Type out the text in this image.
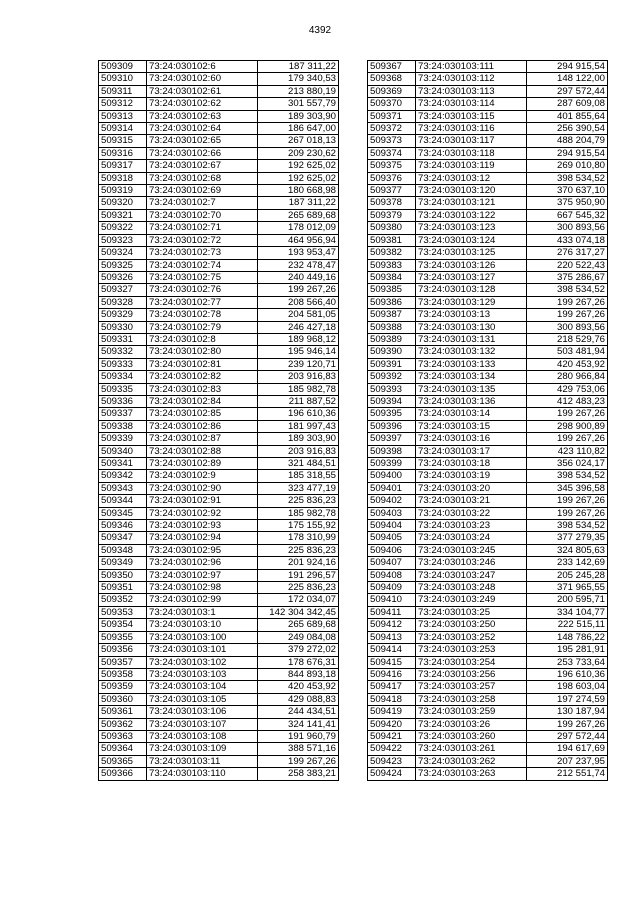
4392
509309	73:24:030102:6	187 311,22
509310	73:24:030102:60	179 340,53
509311	73:24:030102:61	213 880,19
509312	73:24:030102:62	301 557,79
509313	73:24:030102:63	189 303,90
509314	73:24:030102:64	186 647,00
509315	73:24:030102:65	267 018,13
509316	73:24:030102:66	209 230,62
509317	73:24:030102:67	192 625,02
509318	73:24:030102:68	192 625,02
509319	73:24:030102:69	180 668,98
509320	73:24:030102:7	187 311,22
509321	73:24:030102:70	265 689,68
509322	73:24:030102:71	178 012,09
509323	73:24:030102:72	464 956,94
509324	73:24:030102:73	193 953,47
509325	73:24:030102:74	232 478,47
509326	73:24:030102:75	240 449,16
509327	73:24:030102:76	199 267,26
509328	73:24:030102:77	208 566,40
509329	73:24:030102:78	204 581,05
509330	73:24:030102:79	246 427,18
509331	73:24:030102:8	189 968,12
509332	73:24:030102:80	195 946,14
509333	73:24:030102:81	239 120,71
509334	73:24:030102:82	203 916,83
509335	73:24:030102:83	185 982,78
509336	73:24:030102:84	211 887,52
509337	73:24:030102:85	196 610,36
509338	73:24:030102:86	181 997,43
509339	73:24:030102:87	189 303,90
509340	73:24:030102:88	203 916,83
509341	73:24:030102:89	321 484,51
509342	73:24:030102:9	185 318,55
509343	73:24:030102:90	323 477,19
509344	73:24:030102:91	225 836,23
509345	73:24:030102:92	185 982,78
509346	73:24:030102:93	175 155,92
509347	73:24:030102:94	178 310,99
509348	73:24:030102:95	225 836,23
509349	73:24:030102:96	201 924,16
509350	73:24:030102:97	191 296,57
509351	73:24:030102:98	225 836,23
509352	73:24:030102:99	172 034,07
509353	73:24:030103:1	142 304 342,45
509354	73:24:030103:10	265 689,68
509355	73:24:030103:100	249 084,08
509356	73:24:030103:101	379 272,02
509357	73:24:030103:102	178 676,31
509358	73:24:030103:103	844 893,18
509359	73:24:030103:104	420 453,92
509360	73:24:030103:105	429 088,83
509361	73:24:030103:106	244 434,51
509362	73:24:030103:107	324 141,41
509363	73:24:030103:108	191 960,79
509364	73:24:030103:109	388 571,16
509365	73:24:030103:11	199 267,26
509366	73:24:030103:110	258 383,21
509367	73:24:030103:111	294 915,54
509368	73:24:030103:112	148 122,00
509369	73:24:030103:113	297 572,44
509370	73:24:030103:114	287 609,08
509371	73:24:030103:115	401 855,64
509372	73:24:030103:116	256 390,54
509373	73:24:030103:117	488 204,79
509374	73:24:030103:118	294 915,54
509375	73:24:030103:119	269 010,80
509376	73:24:030103:12	398 534,52
509377	73:24:030103:120	370 637,10
509378	73:24:030103:121	375 950,90
509379	73:24:030103:122	667 545,32
509380	73:24:030103:123	300 893,56
509381	73:24:030103:124	433 074,18
509382	73:24:030103:125	276 317,27
509383	73:24:030103:126	220 522,43
509384	73:24:030103:127	375 286,67
509385	73:24:030103:128	398 534,52
509386	73:24:030103:129	199 267,26
509387	73:24:030103:13	199 267,26
509388	73:24:030103:130	300 893,56
509389	73:24:030103:131	218 529,76
509390	73:24:030103:132	503 481,94
509391	73:24:030103:133	420 453,92
509392	73:24:030103:134	280 966,84
509393	73:24:030103:135	429 753,06
509394	73:24:030103:136	412 483,23
509395	73:24:030103:14	199 267,26
509396	73:24:030103:15	298 900,89
509397	73:24:030103:16	199 267,26
509398	73:24:030103:17	423 110,82
509399	73:24:030103:18	356 024,17
509400	73:24:030103:19	398 534,52
509401	73:24:030103:20	345 396,58
509402	73:24:030103:21	199 267,26
509403	73:24:030103:22	199 267,26
509404	73:24:030103:23	398 534,52
509405	73:24:030103:24	377 279,35
509406	73:24:030103:245	324 805,63
509407	73:24:030103:246	233 142,69
509408	73:24:030103:247	205 245,28
509409	73:24:030103:248	371 965,55
509410	73:24:030103:249	200 595,71
509411	73:24:030103:25	334 104,77
509412	73:24:030103:250	222 515,11
509413	73:24:030103:252	148 786,22
509414	73:24:030103:253	195 281,91
509415	73:24:030103:254	253 733,64
509416	73:24:030103:256	196 610,36
509417	73:24:030103:257	198 603,04
509418	73:24:030103:258	197 274,59
509419	73:24:030103:259	130 187,94
509420	73:24:030103:26	199 267,26
509421	73:24:030103:260	297 572,44
509422	73:24:030103:261	194 617,69
509423	73:24:030103:262	207 237,95
509424	73:24:030103:263	212 551,74
